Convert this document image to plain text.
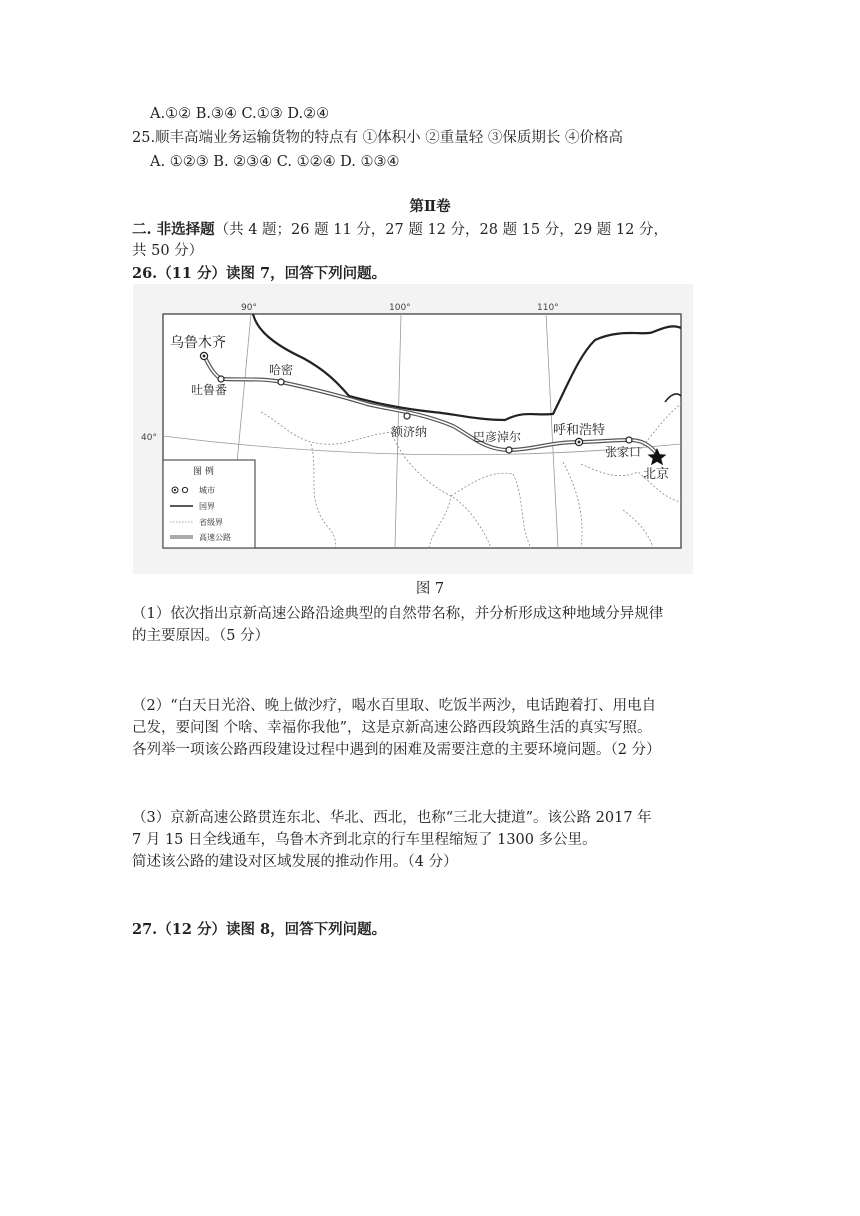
A.①② B.③④ C.①③ D.②④
25.顺丰高端业务运输货物的特点有 ①体积小 ②重量轻 ③保质期长 ④价格高
A. ①②③ B. ②③④ C. ①②④ D. ①③④
第Ⅱ卷
二. 非选择题（共 4 题；26 题 11 分，27 题 12 分，28 题 15 分，29 题 12 分，
共 50 分）
26.（11 分）读图 7，回答下列问题。
90°	100°	110°
40°
乌鲁木齐
吐鲁番
哈密
额济纳	巴彦淖尔 呼和浩特
张家口
北京
图 例
城市
国界
省级界
高速公路
图 7
（1）依次指出京新高速公路沿途典型的自然带名称，并分析形成这种地域分异规律
的主要原因。（5 分）
（2）“白天日光浴、晚上做沙疗，喝水百里取、吃饭半两沙，电话跑着打、用电自
己发，要问图 个啥、幸福你我他”，这是京新高速公路西段筑路生活的真实写照。
各列举一项该公路西段建设过程中遇到的困难及需要注意的主要环境问题。（2 分）
（3）京新高速公路贯连东北、华北、西北，也称“三北大捷道”。该公路 2017 年
7 月 15 日全线通车，乌鲁木齐到北京的行车里程缩短了 1300 多公里。
简述该公路的建设对区域发展的推动作用。（4 分）
27.（12 分）读图 8，回答下列问题。
